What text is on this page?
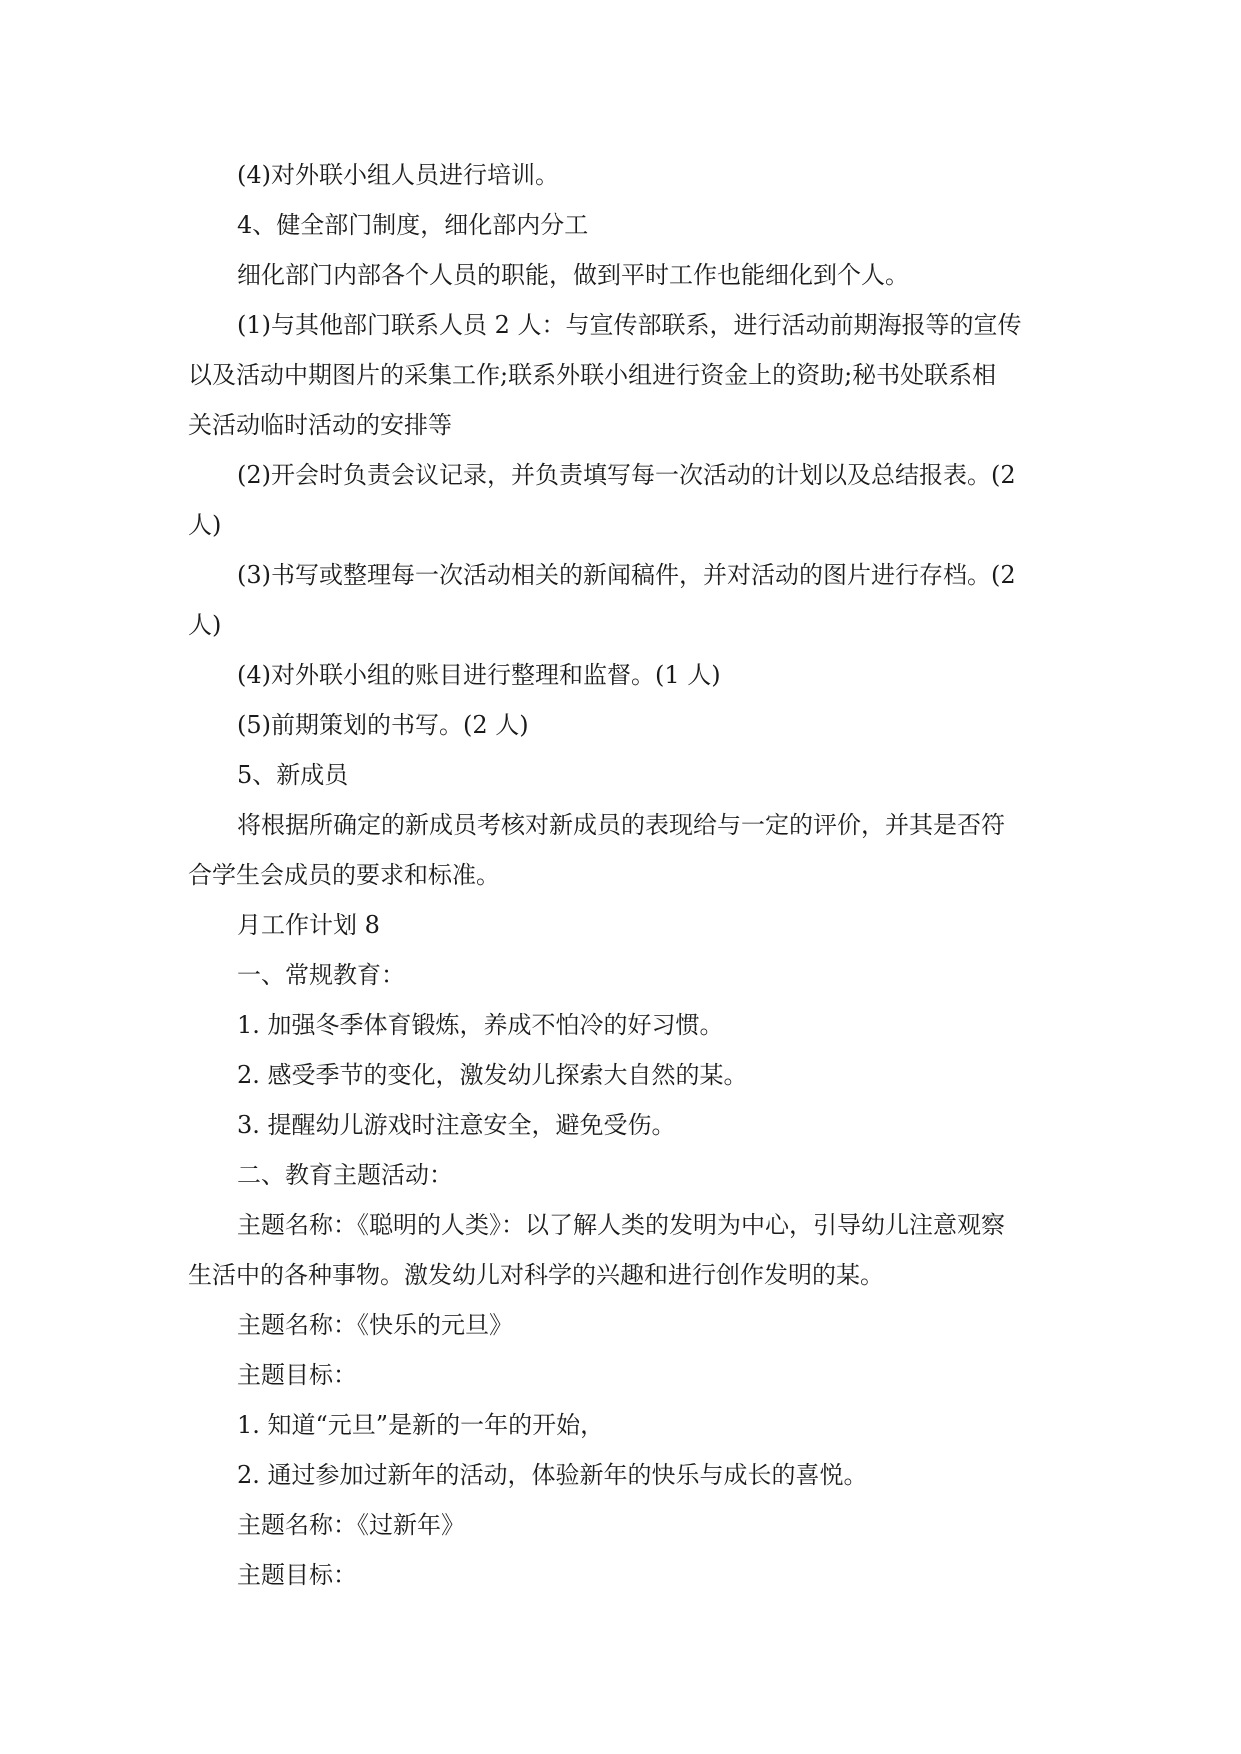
(4)对外联小组人员进行培训。
4、健全部门制度，细化部内分工
细化部门内部各个人员的职能，做到平时工作也能细化到个人。
(1)与其他部门联系人员 2 人：与宣传部联系，进行活动前期海报等的宣传
以及活动中期图片的采集工作;联系外联小组进行资金上的资助;秘书处联系相
关活动临时活动的安排等
(2)开会时负责会议记录，并负责填写每一次活动的计划以及总结报表。(2
人)
(3)书写或整理每一次活动相关的新闻稿件，并对活动的图片进行存档。(2
人)
(4)对外联小组的账目进行整理和监督。(1 人)
(5)前期策划的书写。(2 人)
5、新成员
将根据所确定的新成员考核对新成员的表现给与一定的评价，并其是否符
合学生会成员的要求和标准。
月工作计划 8
一、常规教育：
1. 加强冬季体育锻炼，养成不怕冷的好习惯。
2. 感受季节的变化，激发幼儿探索大自然的某。
3. 提醒幼儿游戏时注意安全，避免受伤。
二、教育主题活动：
主题名称：《聪明的人类》：以了解人类的发明为中心，引导幼儿注意观察
生活中的各种事物。激发幼儿对科学的兴趣和进行创作发明的某。
主题名称：《快乐的元旦》
主题目标：
1. 知道“元旦”是新的一年的开始，
2. 通过参加过新年的活动，体验新年的快乐与成长的喜悦。
主题名称：《过新年》
主题目标：
